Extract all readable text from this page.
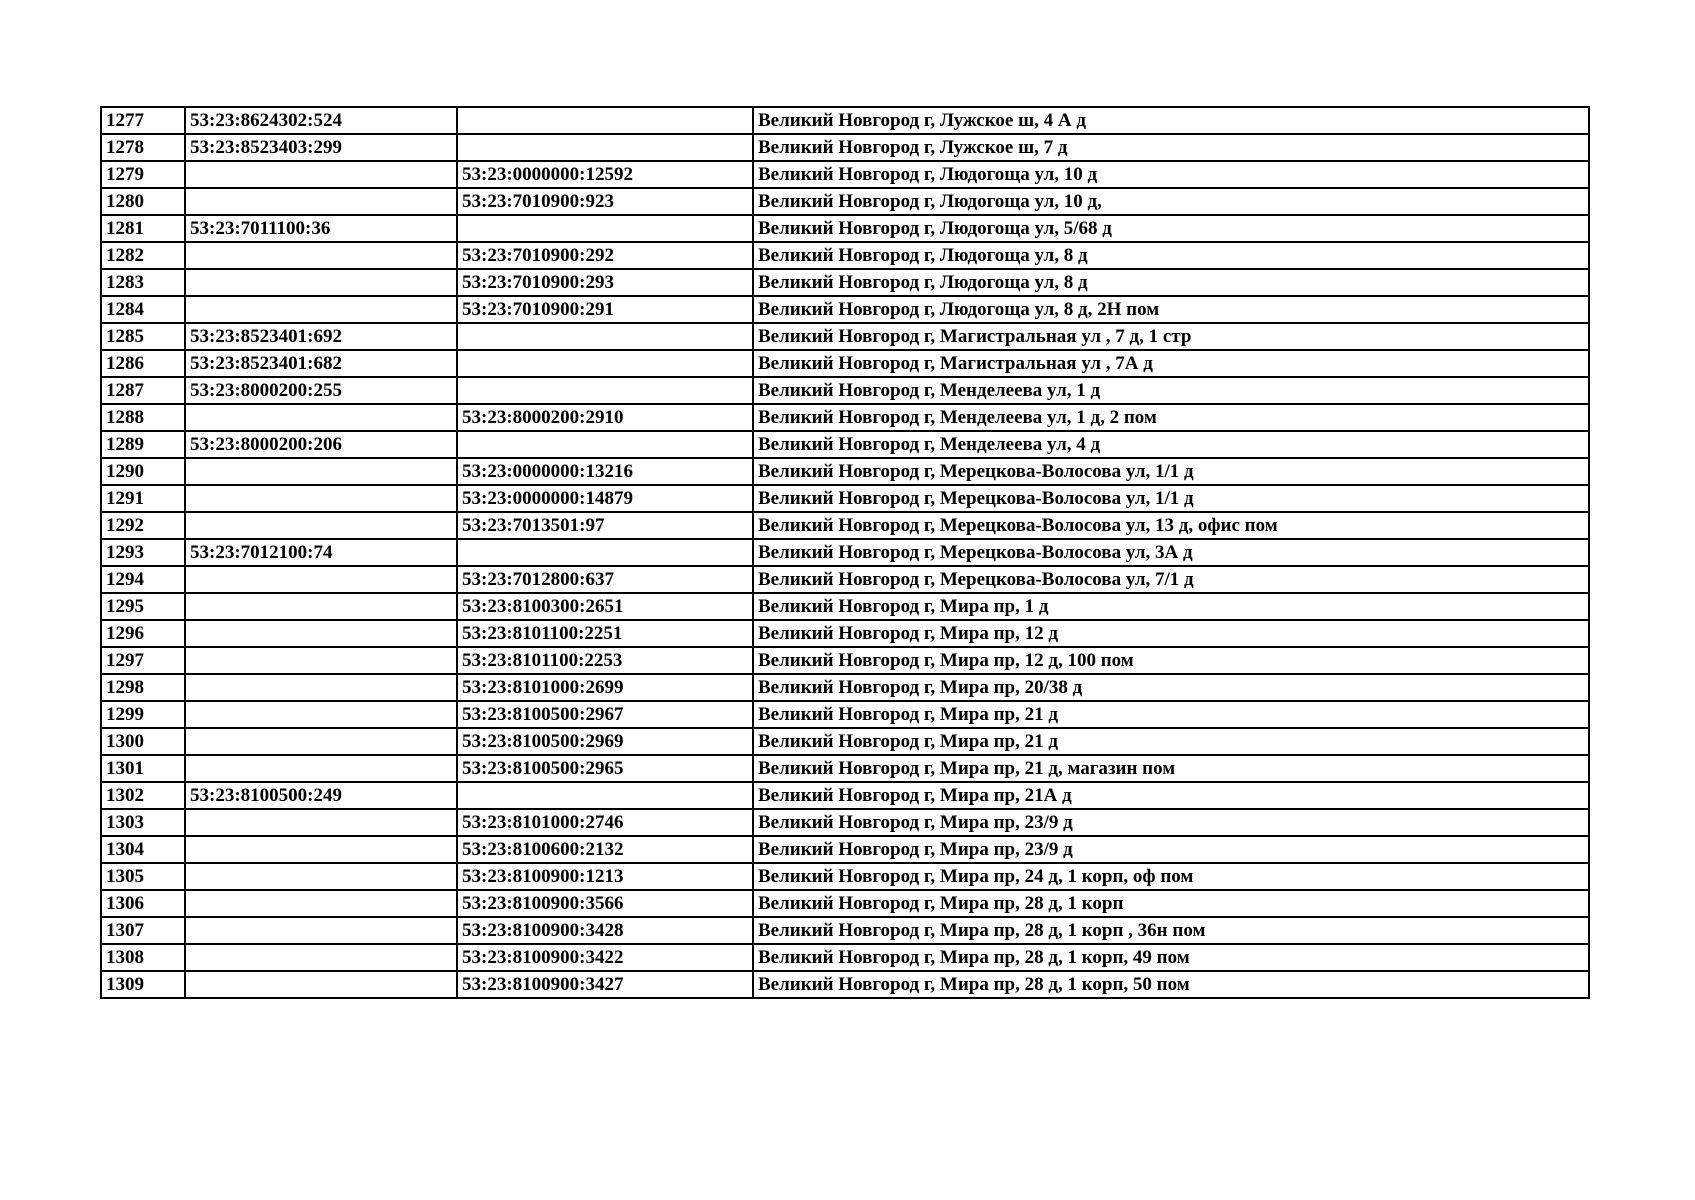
1277	53:23:8624302:524		Великий Новгород г, Лужское ш, 4 А д
1278	53:23:8523403:299		Великий Новгород г, Лужское ш, 7 д
1279		53:23:0000000:12592	Великий Новгород г, Людогоща ул, 10 д
1280		53:23:7010900:923	Великий Новгород г, Людогоща ул, 10 д,
1281	53:23:7011100:36		Великий Новгород г, Людогоща ул, 5/68 д
1282		53:23:7010900:292	Великий Новгород г, Людогоща ул, 8 д
1283		53:23:7010900:293	Великий Новгород г, Людогоща ул, 8 д
1284		53:23:7010900:291	Великий Новгород г, Людогоща ул, 8 д, 2Н пом
1285	53:23:8523401:692		Великий Новгород г, Магистральная ул , 7 д, 1 стр
1286	53:23:8523401:682		Великий Новгород г, Магистральная ул , 7А д
1287	53:23:8000200:255		Великий Новгород г, Менделеева ул, 1 д
1288		53:23:8000200:2910	Великий Новгород г, Менделеева ул, 1 д, 2 пом
1289	53:23:8000200:206		Великий Новгород г, Менделеева ул, 4 д
1290		53:23:0000000:13216	Великий Новгород г, Мерецкова-Волосова ул, 1/1 д
1291		53:23:0000000:14879	Великий Новгород г, Мерецкова-Волосова ул, 1/1 д
1292		53:23:7013501:97	Великий Новгород г, Мерецкова-Волосова ул, 13 д, офис пом
1293	53:23:7012100:74		Великий Новгород г, Мерецкова-Волосова ул, 3А д
1294		53:23:7012800:637	Великий Новгород г, Мерецкова-Волосова ул, 7/1 д
1295		53:23:8100300:2651	Великий Новгород г, Мира пр, 1 д
1296		53:23:8101100:2251	Великий Новгород г, Мира пр, 12 д
1297		53:23:8101100:2253	Великий Новгород г, Мира пр, 12 д, 100 пом
1298		53:23:8101000:2699	Великий Новгород г, Мира пр, 20/38 д
1299		53:23:8100500:2967	Великий Новгород г, Мира пр, 21 д
1300		53:23:8100500:2969	Великий Новгород г, Мира пр, 21 д
1301		53:23:8100500:2965	Великий Новгород г, Мира пр, 21 д, магазин пом
1302	53:23:8100500:249		Великий Новгород г, Мира пр, 21А д
1303		53:23:8101000:2746	Великий Новгород г, Мира пр, 23/9 д
1304		53:23:8100600:2132	Великий Новгород г, Мира пр, 23/9 д
1305		53:23:8100900:1213	Великий Новгород г, Мира пр, 24 д, 1 корп, оф пом
1306		53:23:8100900:3566	Великий Новгород г, Мира пр, 28 д, 1 корп
1307		53:23:8100900:3428	Великий Новгород г, Мира пр, 28 д, 1 корп , 36н пом
1308		53:23:8100900:3422	Великий Новгород г, Мира пр, 28 д, 1 корп, 49 пом
1309		53:23:8100900:3427	Великий Новгород г, Мира пр, 28 д, 1 корп, 50 пом
